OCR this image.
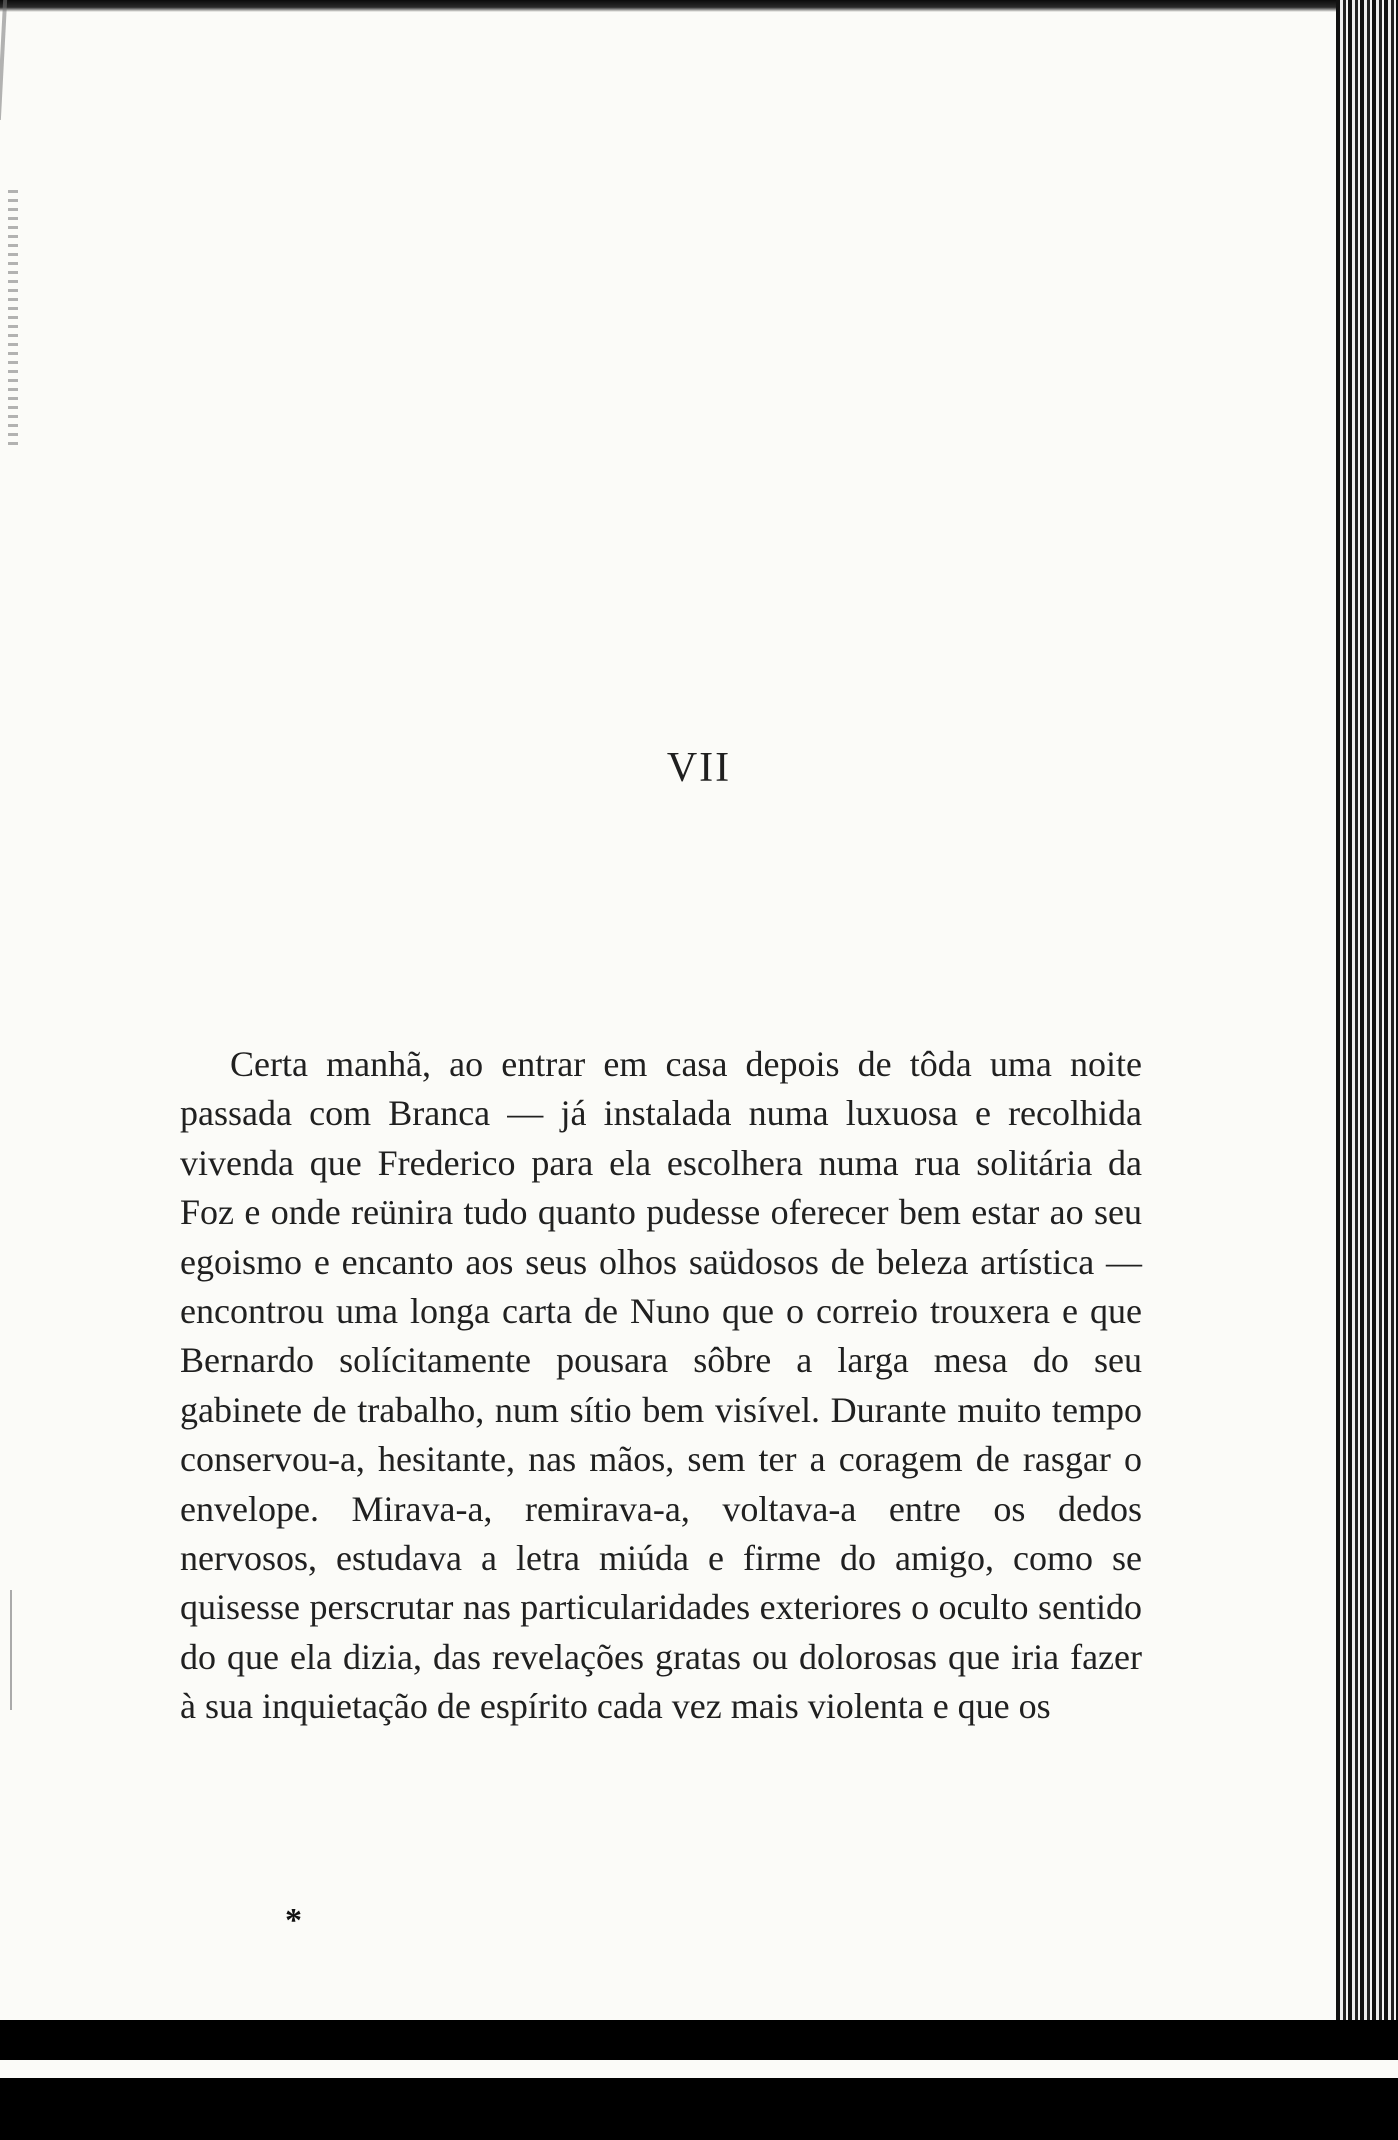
VII

Certa manhã, ao entrar em casa depois de tôda uma noite passada com Branca — já instalada numa luxuosa e recolhida vivenda que Frederico para ela escolhera numa rua solitária da Foz e onde reünira tudo quanto pudesse oferecer bem estar ao seu egoismo e encanto aos seus olhos saüdosos de beleza artística — encontrou uma longa carta de Nuno que o correio trouxera e que Bernardo solícitamente pousara sôbre a larga mesa do seu gabinete de trabalho, num sítio bem visível. Durante muito tempo conservou-a, hesitante, nas mãos, sem ter a coragem de rasgar o envelope. Mirava-a, remirava-a, voltava-a entre os dedos nervosos, estudava a letra miúda e firme do amigo, como se quisesse perscrutar nas particularidades exteriores o oculto sentido do que ela dizia, das revelações gratas ou dolorosas que iria fazer à sua inquietação de espírito cada vez mais violenta e que os

*
